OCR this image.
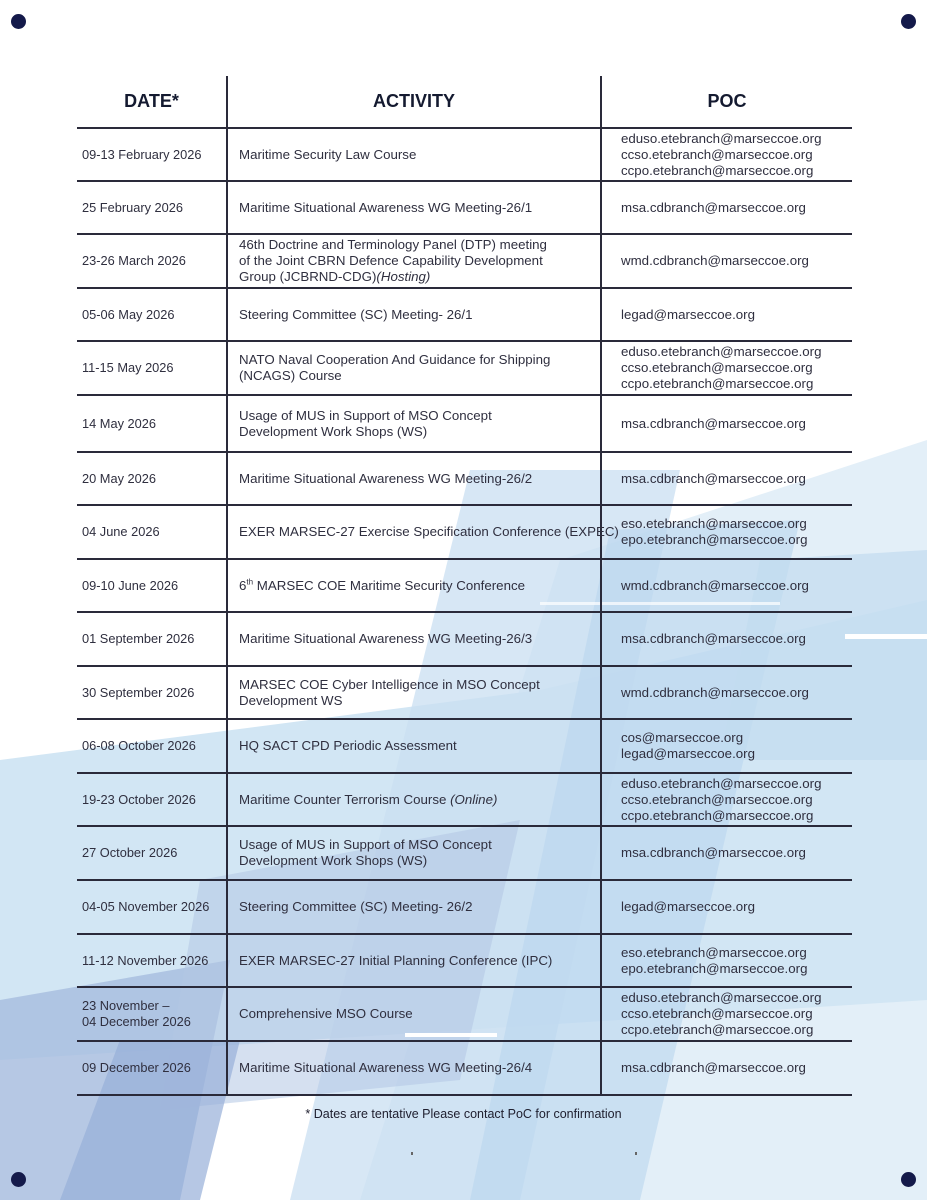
DATE*	ACTIVITY	POC

09-13 February 2026	Maritime Security Law Course	eduso.etebranch@marseccoe.org
ccso.etebranch@marseccoe.org
ccpo.etebranch@marseccoe.org

25 February 2026	Maritime Situational Awareness WG Meeting-26/1	msa.cdbranch@marseccoe.org

23-26 March 2026	46th Doctrine and Terminology Panel (DTP) meeting
of the Joint CBRN Defence Capability Development
Group (JCBRND-CDG)(Hosting)	wmd.cdbranch@marseccoe.org

05-06 May 2026	Steering Committee (SC) Meeting- 26/1	legad@marseccoe.org

11-15 May 2026	NATO Naval Cooperation And Guidance for Shipping
(NCAGS) Course	eduso.etebranch@marseccoe.org
ccso.etebranch@marseccoe.org
ccpo.etebranch@marseccoe.org

14 May 2026	Usage of MUS in Support of MSO Concept
Development Work Shops (WS)	msa.cdbranch@marseccoe.org

20 May 2026	Maritime Situational Awareness WG Meeting-26/2	msa.cdbranch@marseccoe.org

04 June 2026	EXER MARSEC-27 Exercise Specification Conference (EXPEC)	eso.etebranch@marseccoe.org
epo.etebranch@marseccoe.org

09-10 June 2026	6th MARSEC COE Maritime Security Conference	wmd.cdbranch@marseccoe.org

01 September 2026	Maritime Situational Awareness WG Meeting-26/3	msa.cdbranch@marseccoe.org

30 September 2026	MARSEC COE Cyber Intelligence in MSO Concept
Development WS	wmd.cdbranch@marseccoe.org

06-08 October 2026	HQ SACT CPD Periodic Assessment	cos@marseccoe.org
legad@marseccoe.org

19-23 October 2026	Maritime Counter Terrorism Course (Online)	eduso.etebranch@marseccoe.org
ccso.etebranch@marseccoe.org
ccpo.etebranch@marseccoe.org

27 October 2026	Usage of MUS in Support of MSO Concept
Development Work Shops (WS)	msa.cdbranch@marseccoe.org

04-05 November 2026	Steering Committee (SC) Meeting- 26/2	legad@marseccoe.org

11-12 November 2026	EXER MARSEC-27 Initial Planning Conference (IPC)	eso.etebranch@marseccoe.org
epo.etebranch@marseccoe.org

23 November –
04 December 2026	Comprehensive MSO Course	eduso.etebranch@marseccoe.org
ccso.etebranch@marseccoe.org
ccpo.etebranch@marseccoe.org

09 December 2026	Maritime Situational Awareness WG Meeting-26/4	msa.cdbranch@marseccoe.org
* Dates are tentative Please contact PoC for confirmation
